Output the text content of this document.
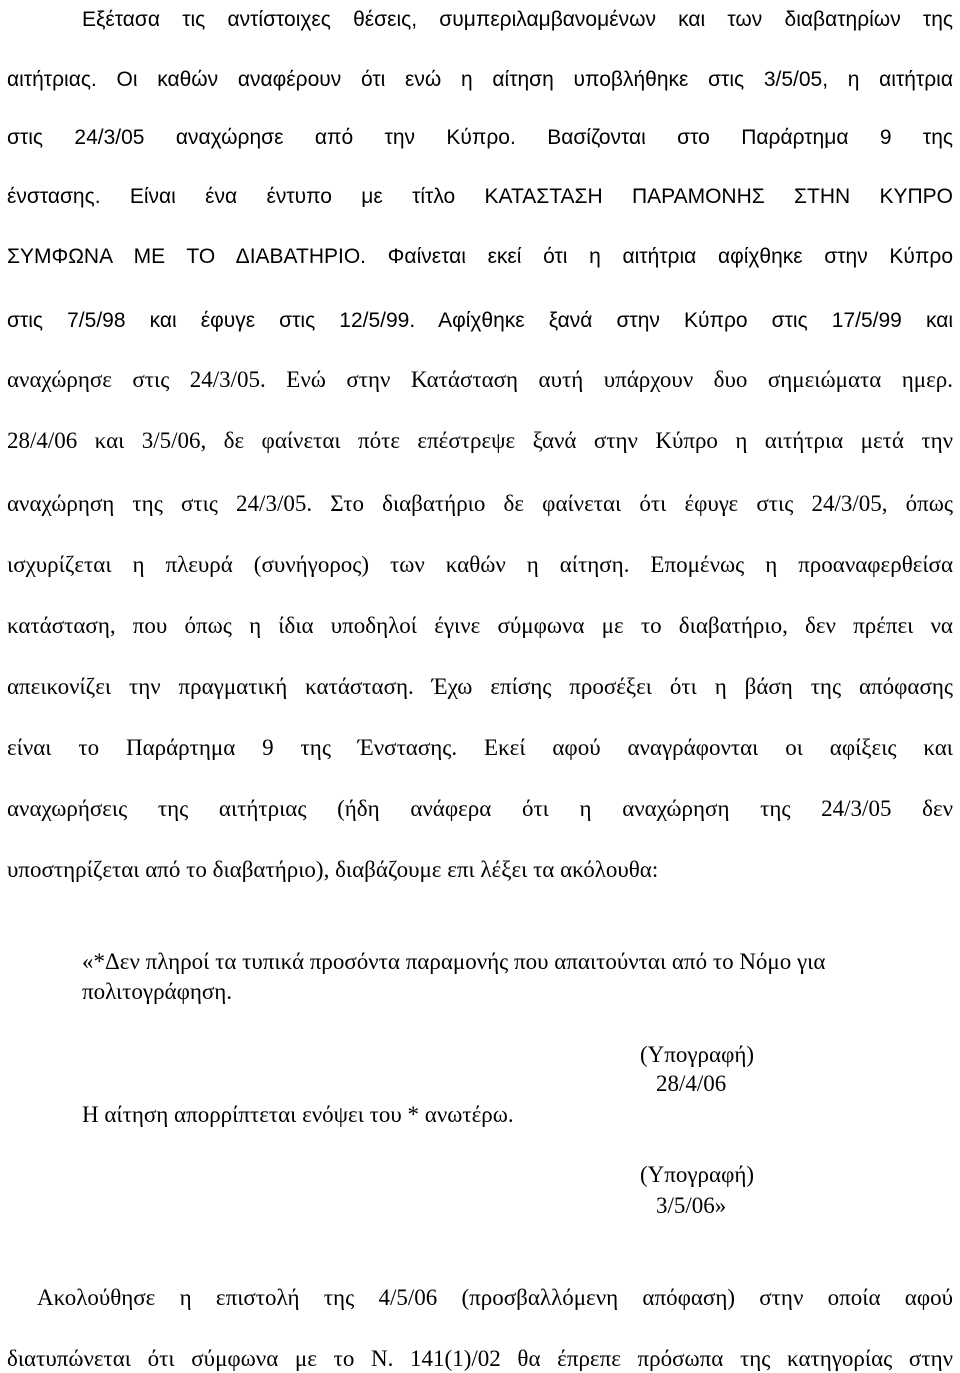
Εξέτασα τις αντίστοιχες θέσεις, συμπεριλαμβανομένων και των διαβατηρίων της
αιτήτριας. Οι καθών αναφέρουν ότι ενώ η αίτηση υποβλήθηκε στις 3/5/05, η αιτήτρια
στις 24/3/05 αναχώρησε από την Κύπρο. Βασίζονται στο Παράρτημα 9 της
ένστασης. Είναι ένα έντυπο με τίτλο ΚΑΤΑΣΤΑΣΗ ΠΑΡΑΜΟΝΗΣ ΣΤΗΝ ΚΥΠΡΟ
ΣΥΜΦΩΝΑ ΜΕ ΤΟ ΔΙΑΒΑΤΗΡΙΟ. Φαίνεται εκεί ότι η αιτήτρια αφίχθηκε στην Κύπρο
στις 7/5/98 και έφυγε στις 12/5/99. Αφίχθηκε ξανά στην Κύπρο στις 17/5/99 και
αναχώρησε στις 24/3/05. Ενώ στην Κατάσταση αυτή υπάρχουν δυο σημειώματα ημερ.
28/4/06 και 3/5/06, δε φαίνεται πότε επέστρεψε ξανά στην Κύπρο η αιτήτρια μετά την
αναχώρηση της στις 24/3/05. Στο διαβατήριο δε φαίνεται ότι έφυγε στις 24/3/05, όπως
ισχυρίζεται η πλευρά (συνήγορος) των καθών η αίτηση. Επομένως η προαναφερθείσα
κατάσταση, που όπως η ίδια υποδηλοί έγινε σύμφωνα με το διαβατήριο, δεν πρέπει να
απεικονίζει την πραγματική κατάσταση. Έχω επίσης προσέξει ότι η βάση της απόφασης
είναι το Παράρτημα 9 της Ένστασης. Εκεί αφού αναγράφονται οι αφίξεις και
αναχωρήσεις της αιτήτριας (ήδη ανάφερα ότι η αναχώρηση της 24/3/05 δεν
υποστηρίζεται από το διαβατήριο), διαβάζουμε επι λέξει τα ακόλουθα:
«*Δεν πληροί τα τυπικά προσόντα παραμονής που απαιτούνται από το Νόμο για
πολιτογράφηση.
(Υπογραφή)
28/4/06
Η αίτηση απορρίπτεται ενόψει του * ανωτέρω.
(Υπογραφή)
3/5/06»
Ακολούθησε η επιστολή της 4/5/06 (προσβαλλόμενη απόφαση) στην οποία αφού
διατυπώνεται ότι σύμφωνα με το Ν. 141(1)/02 θα έπρεπε πρόσωπα της κατηγορίας στην
